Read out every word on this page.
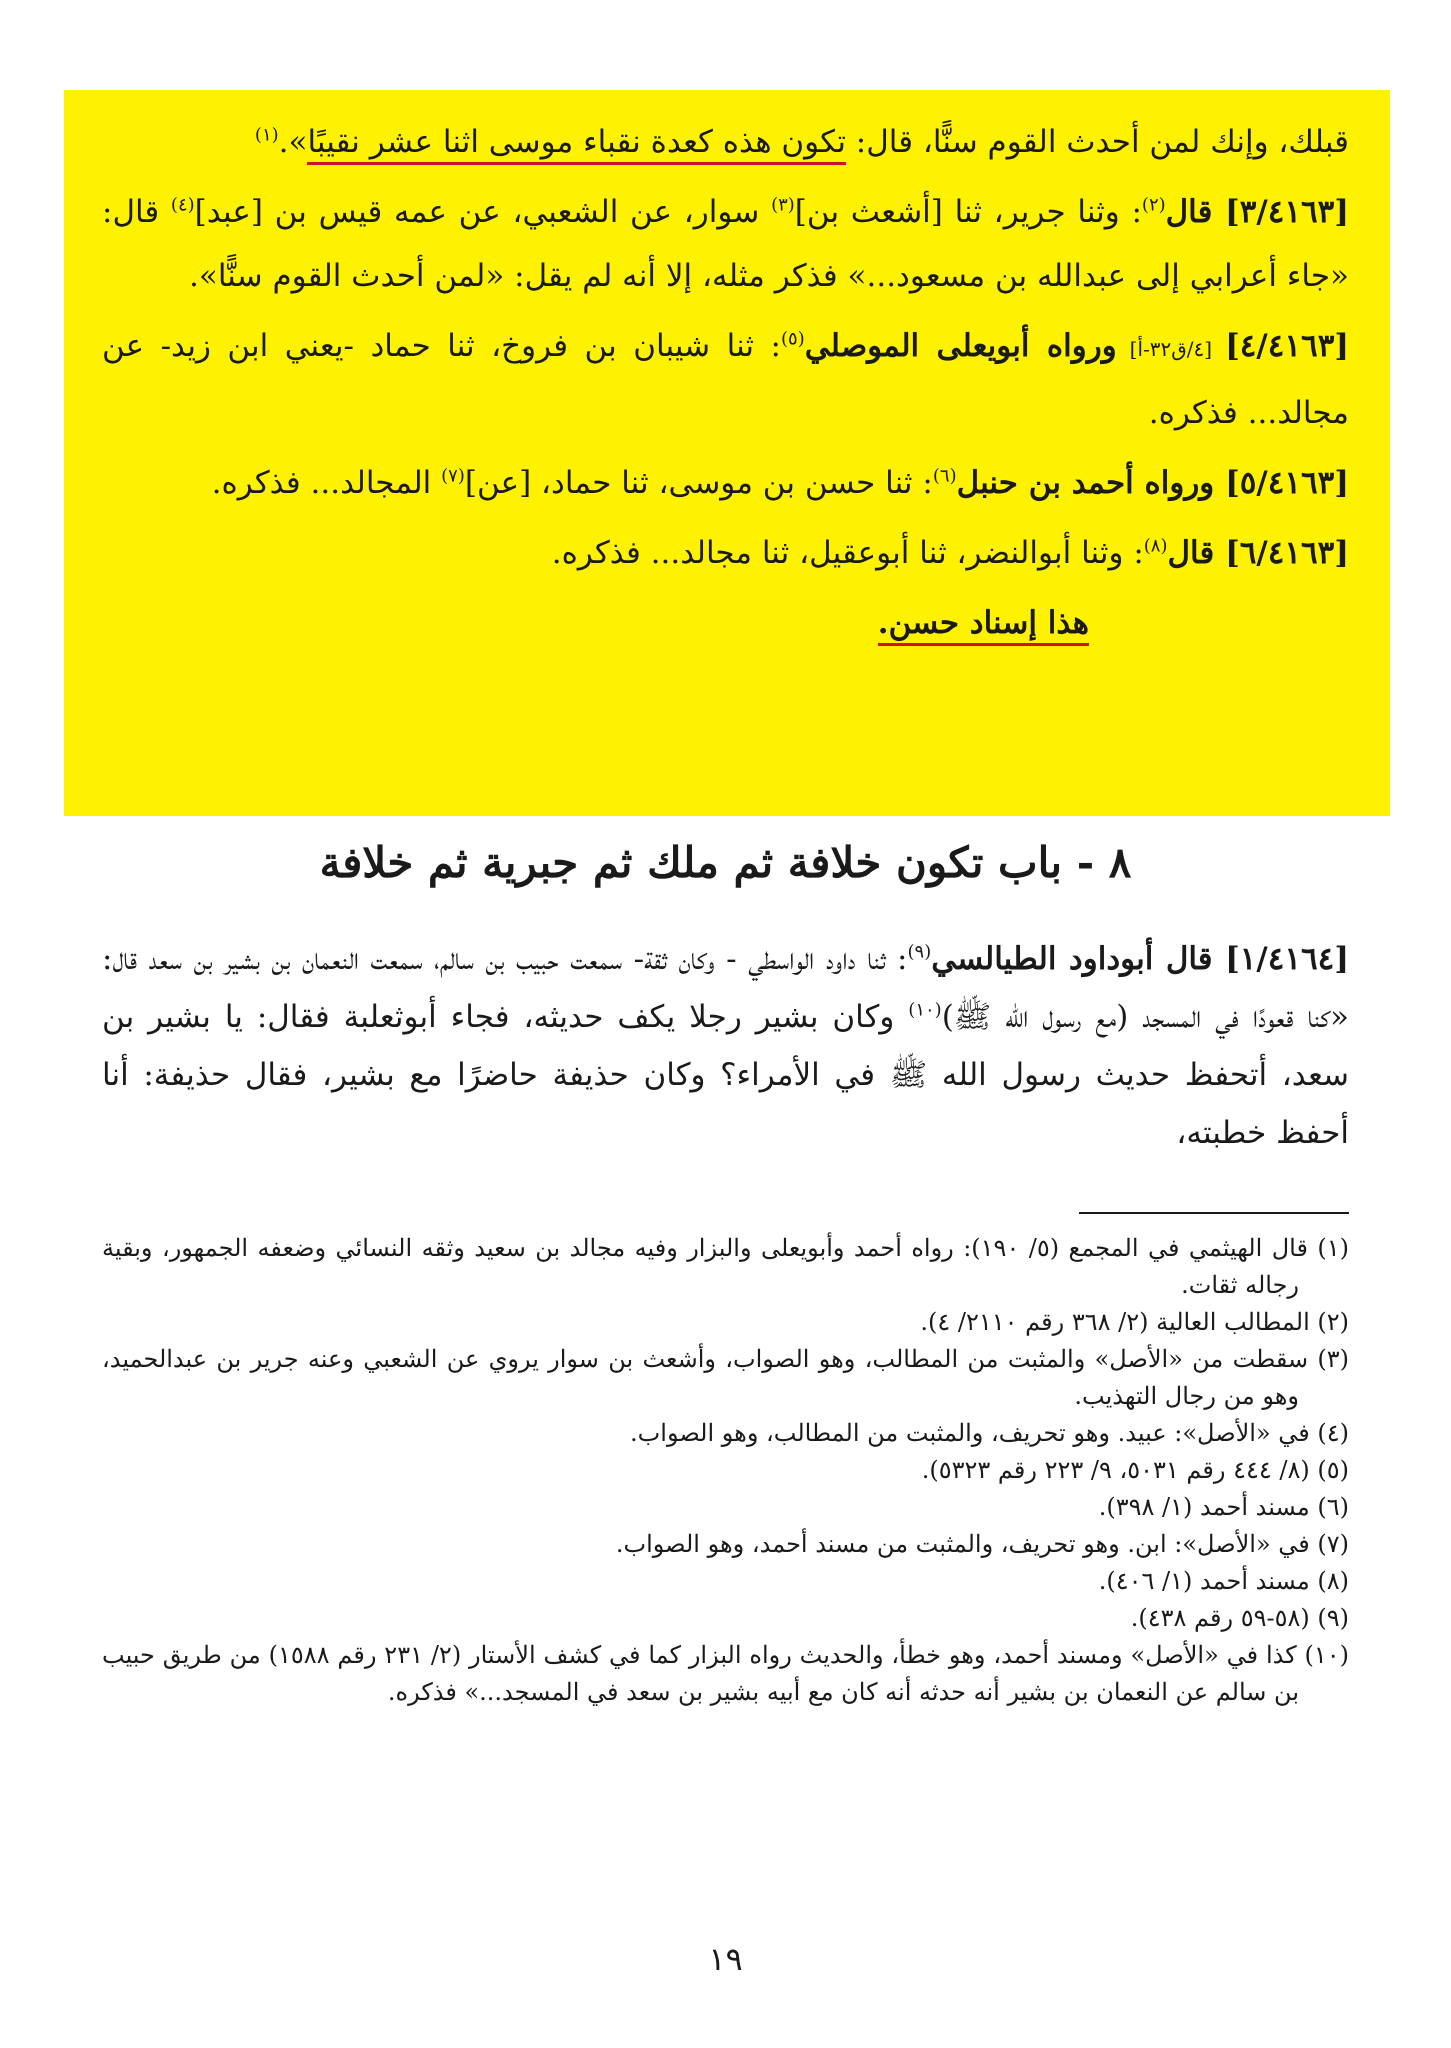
قبلك، وإنك لمن أحدث القوم سنًّا، قال: تكون هذه كعدة نقباء موسى اثنا عشر نقيبًا».$^{(١)}$

[٣/٤١٦٣] قال$^{(٢)}$: وثنا جرير، ثنا [أشعث بن]$^{(٣)}$ سوار، عن الشعبي، عن عمه قيس بن [عبد]$^{(٤)}$ قال: «جاء أعرابي إلى عبدالله بن مسعود...» فذكر مثله، إلا أنه لم يقل: «لمن أحدث القوم سنًّا».

[٤/٤١٦٣] [٤/ق٣٢-أ] ورواه أبويعلى الموصلي$^{(٥)}$: ثنا شيبان بن فروخ، ثنا حماد -يعني ابن زيد- عن مجالد... فذكره.

[٥/٤١٦٣] ورواه أحمد بن حنبل$^{(٦)}$: ثنا حسن بن موسى، ثنا حماد، [عن]$^{(٧)}$ المجالد... فذكره.

[٦/٤١٦٣] قال$^{(٨)}$: وثنا أبوالنضر، ثنا أبوعقيل، ثنا مجالد... فذكره.

هذا إسناد حسن.

٨ - باب تكون خلافة ثم ملك ثم جبرية ثم خلافة

[١/٤١٦٤] قال أبوداود الطيالسي$^{(٩)}$: ثنا داود الواسطي - وكان ثقة- سمعت حبيب بن سالم، سمعت النعمان بن بشير بن سعد قال: «كنا قعودًا في المسجد (مع رسول الله ﷺ)$^{(١٠)}$ وكان بشير رجلا يكف حديثه، فجاء أبوثعلبة فقال: يا بشير بن سعد، أتحفظ حديث رسول الله ﷺ في الأمراء؟ وكان حذيفة حاضرًا مع بشير، فقال حذيفة: أنا أحفظ خطبته،

(١) قال الهيثمي في المجمع (٥/ ١٩٠): رواه أحمد وأبويعلى والبزار وفيه مجالد بن سعيد وثقه النسائي وضعفه الجمهور، وبقية رجاله ثقات.

(٢) المطالب العالية (٢/ ٣٦٨ رقم ٢١١٠/ ٤).

(٣) سقطت من «الأصل» والمثبت من المطالب، وهو الصواب، وأشعث بن سوار يروي عن الشعبي وعنه جرير بن عبدالحميد، وهو من رجال التهذيب.

(٤) في «الأصل»: عبيد. وهو تحريف، والمثبت من المطالب، وهو الصواب.

(٥) (٨/ ٤٤٤ رقم ٥٠٣١، ٩/ ٢٢٣ رقم ٥٣٢٣).

(٦) مسند أحمد (١/ ٣٩٨).

(٧) في «الأصل»: ابن. وهو تحريف، والمثبت من مسند أحمد، وهو الصواب.

(٨) مسند أحمد (١/ ٤٠٦).

(٩) (٥٨-٥٩ رقم ٤٣٨).

(١٠) كذا في «الأصل» ومسند أحمد، وهو خطأ، والحديث رواه البزار كما في كشف الأستار (٢/ ٢٣١ رقم ١٥٨٨) من طريق حبيب بن سالم عن النعمان بن بشير أنه حدثه أنه كان مع أبيه بشير بن سعد في المسجد...» فذكره.

١٩
